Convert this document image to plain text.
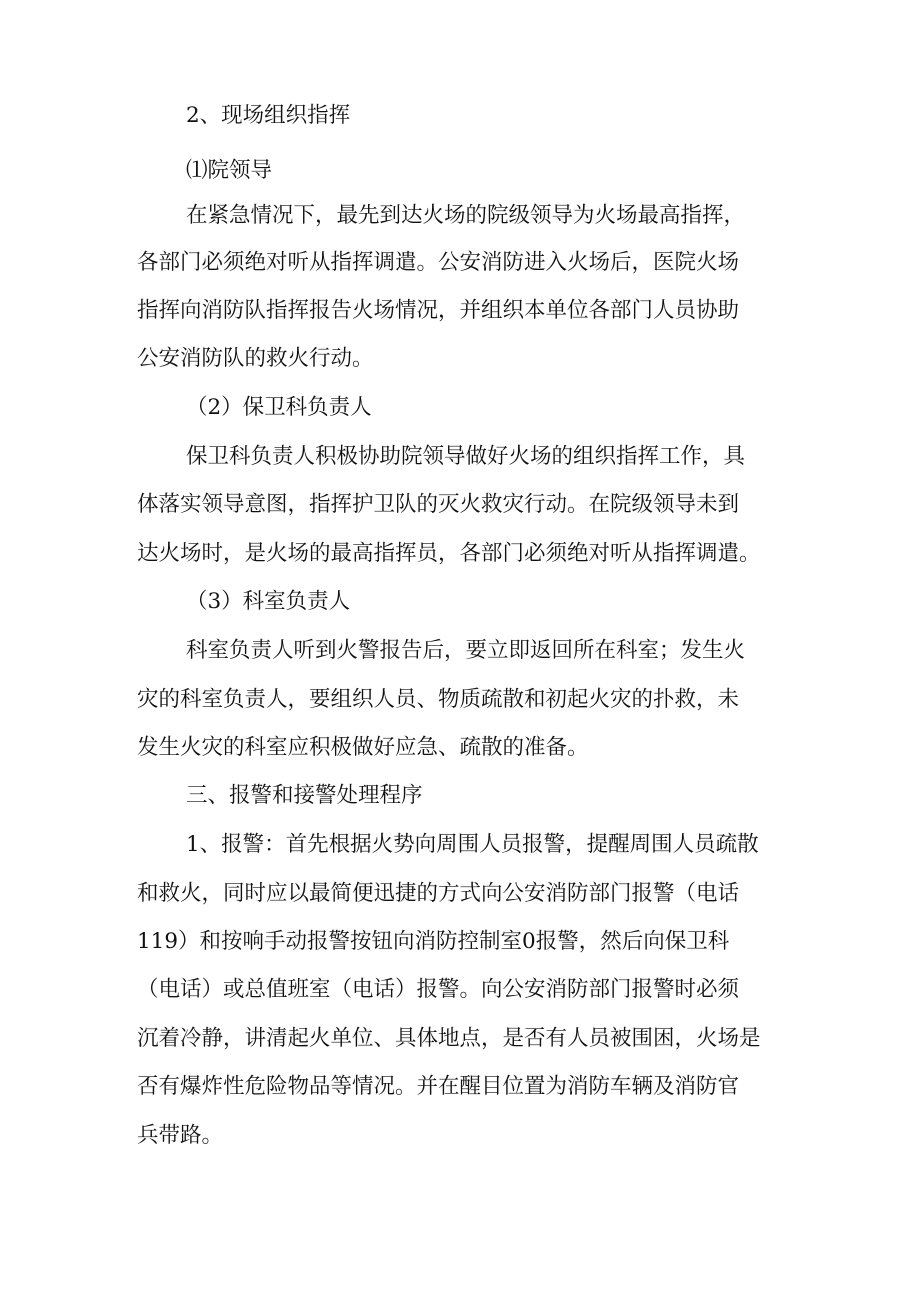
2、现场组织指挥

⑴院领导

在紧急情况下，最先到达火场的院级领导为火场最高指挥，

各部门必须绝对听从指挥调遣。公安消防进入火场后，医院火场

指挥向消防队指挥报告火场情况，并组织本单位各部门人员协助

公安消防队的救火行动。

（2）保卫科负责人

保卫科负责人积极协助院领导做好火场的组织指挥工作，具

体落实领导意图，指挥护卫队的灭火救灾行动。在院级领导未到

达火场时，是火场的最高指挥员，各部门必须绝对听从指挥调遣。

（3）科室负责人

科室负责人听到火警报告后，要立即返回所在科室；发生火

灾的科室负责人，要组织人员、物质疏散和初起火灾的扑救，未

发生火灾的科室应积极做好应急、疏散的准备。

三、报警和接警处理程序

1、报警：首先根据火势向周围人员报警，提醒周围人员疏散

和救火，同时应以最简便迅捷的方式向公安消防部门报警（电话

119）和按响手动报警按钮向消防控制室0报警，然后向保卫科

（电话）或总值班室（电话）报警。向公安消防部门报警时必须

沉着冷静，讲清起火单位、具体地点，是否有人员被围困，火场是

否有爆炸性危险物品等情况。并在醒目位置为消防车辆及消防官

兵带路。
